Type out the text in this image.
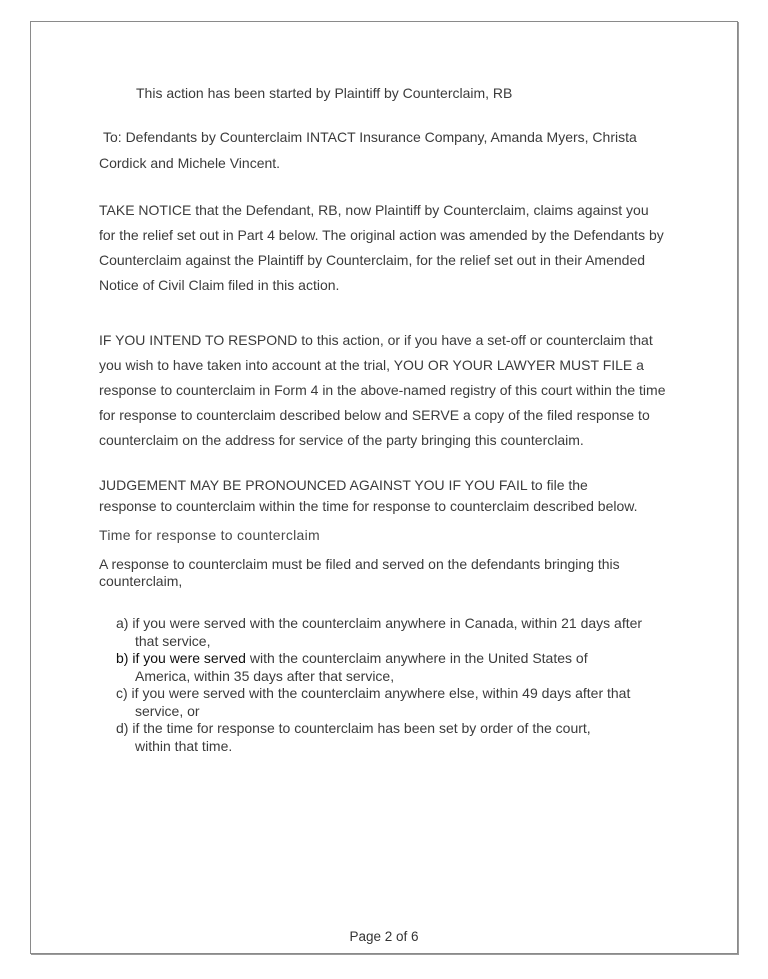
This action has been started by Plaintiff by Counterclaim, RB
To: Defendants by Counterclaim INTACT Insurance Company, Amanda Myers, Christa
Cordick and Michele Vincent.
TAKE NOTICE that the Defendant, RB, now Plaintiff by Counterclaim, claims against you
for the relief set out in Part 4 below. The original action was amended by the Defendants by
Counterclaim against the Plaintiff by Counterclaim, for the relief set out in their Amended
Notice of Civil Claim filed in this action.
IF YOU INTEND TO RESPOND to this action, or if you have a set-off or counterclaim that
you wish to have taken into account at the trial, YOU OR YOUR LAWYER MUST FILE a
response to counterclaim in Form 4 in the above-named registry of this court within the time
for response to counterclaim described below and SERVE a copy of the filed response to
counterclaim on the address for service of the party bringing this counterclaim.
JUDGEMENT MAY BE PRONOUNCED AGAINST YOU IF YOU FAIL to file the
response to counterclaim within the time for response to counterclaim described below.
Time for response to counterclaim
A response to counterclaim must be filed and served on the defendants bringing this
counterclaim,
a) if you were served with the counterclaim anywhere in Canada, within 21 days after
that service,
b) if you were served with the counterclaim anywhere in the United States of
America, within 35 days after that service,
c) if you were served with the counterclaim anywhere else, within 49 days after that
service, or
d) if the time for response to counterclaim has been set by order of the court,
within that time.
Page 2 of 6
